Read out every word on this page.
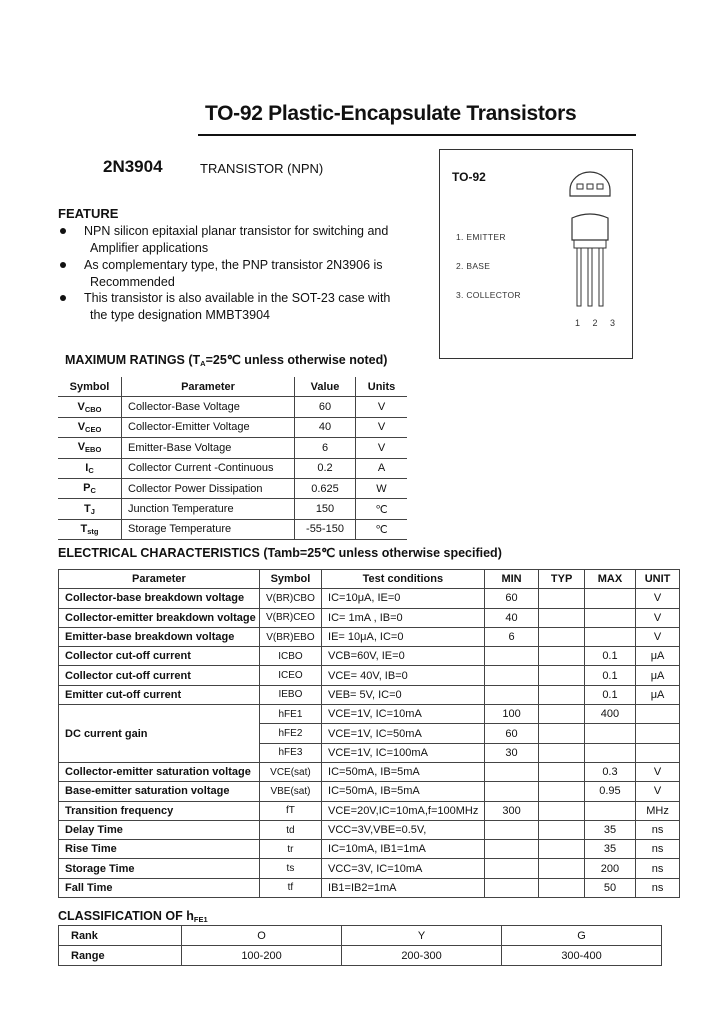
TO-92 Plastic-Encapsulate Transistors
2N3904	TRANSISTOR (NPN)
FEATURE
NPN silicon epitaxial planar transistor for switching and
Amplifier applications
As complementary type, the PNP transistor 2N3906 is
Recommended
This transistor is also available in the SOT-23 case with
the type designation MMBT3904
TO-92
1. EMITTER
2. BASE
3. COLLECTOR
1 2 3
MAXIMUM RATINGS ($T_A=25℃$ unless otherwise noted)
Symbol	Parameter	Value	Units
$V_{CBO}$	Collector-Base Voltage	60	V
$V_{CEO}$	Collector-Emitter Voltage	40	V
$V_{EBO}$	Emitter-Base Voltage	6	V
$I_C$	Collector Current -Continuous	0.2	A
$P_C$	Collector Power Dissipation	0.625	W
$T_J$	Junction Temperature	150	℃
$T_{stg}$	Storage Temperature	-55-150	℃
ELECTRICAL CHARACTERISTICS (Tamb=25℃ unless otherwise specified)
Parameter	Symbol	Test conditions	MIN	TYP	MAX	UNIT
Collector-base breakdown voltage	V(BR)CBO	IC=10μA, IE=0	60			V
Collector-emitter breakdown voltage	V(BR)CEO	IC= 1mA , IB=0	40			V
Emitter-base breakdown voltage	V(BR)EBO	IE= 10μA, IC=0	6			V
Collector cut-off current	ICBO	VCB=60V, IE=0			0.1	μA
Collector cut-off current	ICEO	VCE= 40V, IB=0			0.1	μA
Emitter cut-off current	IEBO	VEB= 5V, IC=0			0.1	μA
	hFE1	VCE=1V, IC=10mA	100		400	
DC current gain	hFE2	VCE=1V, IC=50mA	60			
	hFE3	VCE=1V, IC=100mA	30			
Collector-emitter saturation voltage	VCE(sat)	IC=50mA, IB=5mA			0.3	V
Base-emitter saturation voltage	VBE(sat)	IC=50mA, IB=5mA			0.95	V
Transition frequency	fT	VCE=20V,IC=10mA,f=100MHz	300			MHz
Delay Time	td	VCC=3V,VBE=0.5V,			35	ns
Rise Time	tr	IC=10mA, IB1=1mA			35	ns
Storage Time	ts	VCC=3V, IC=10mA			200	ns
Fall Time	tf	IB1=IB2=1mA			50	ns
CLASSIFICATION OF $h_{FE1}$
Rank	O	Y	G
Range	100-200	200-300	300-400
